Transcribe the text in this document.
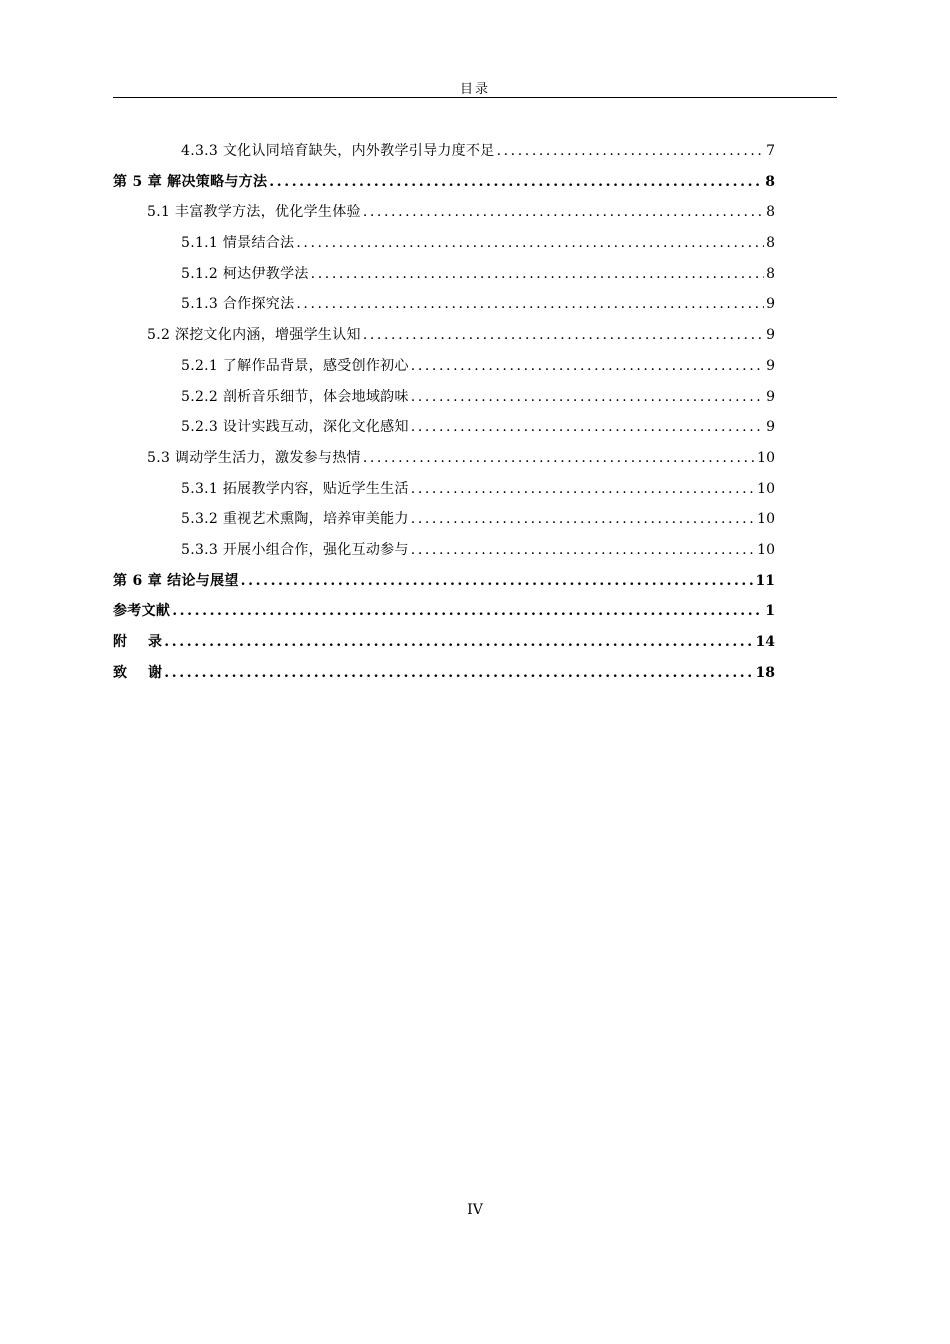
目录
4.3.3 文化认同培育缺失，内外教学引导力度不足 .....	7
第 5 章 解决策略与方法 .....	8
5.1 丰富教学方法，优化学生体验 .....	8
5.1.1 情景结合法 .....	8
5.1.2 柯达伊教学法 .....	8
5.1.3 合作探究法 .....	9
5.2 深挖文化内涵，增强学生认知 .....	9
5.2.1 了解作品背景，感受创作初心 .....	9
5.2.2 剖析音乐细节，体会地域韵味 .....	9
5.2.3 设计实践互动，深化文化感知 .....	9
5.3 调动学生活力，激发参与热情 .....	10
5.3.1 拓展教学内容，贴近学生生活 .....	10
5.3.2 重视艺术熏陶，培养审美能力 .....	10
5.3.3 开展小组合作，强化互动参与 .....	10
第 6 章 结论与展望 .....	11
参考文献 .....	1
附    录 .....	14
致    谢 .....	18
IV
